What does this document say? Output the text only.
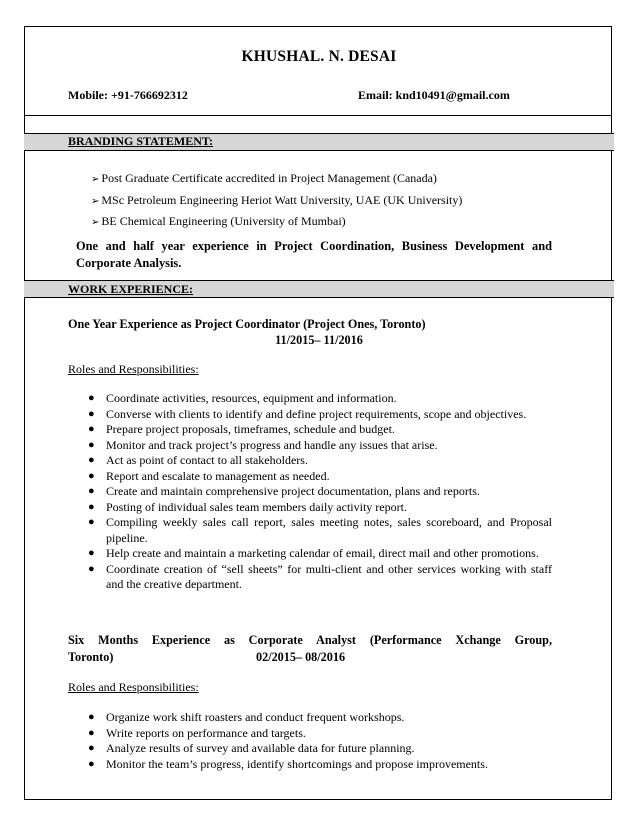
KHUSHAL. N. DESAI
Mobile: +91-766692312	Email: knd10491@gmail.com
BRANDING STATEMENT:
➢ Post Graduate Certificate accredited in Project Management (Canada)
➢ MSc Petroleum Engineering Heriot Watt University, UAE (UK University)
➢ BE Chemical Engineering (University of Mumbai)
One and half year experience in Project Coordination, Business Development and Corporate Analysis.
WORK EXPERIENCE:
One Year Experience as Project Coordinator (Project Ones, Toronto)
11/2015– 11/2016
Roles and Responsibilities:
● Coordinate activities, resources, equipment and information.
● Converse with clients to identify and define project requirements, scope and objectives.
● Prepare project proposals, timeframes, schedule and budget.
● Monitor and track project’s progress and handle any issues that arise.
● Act as point of contact to all stakeholders.
● Report and escalate to management as needed.
● Create and maintain comprehensive project documentation, plans and reports.
● Posting of individual sales team members daily activity report.
● Compiling weekly sales call report, sales meeting notes, sales scoreboard, and Proposal pipeline.
● Help create and maintain a marketing calendar of email, direct mail and other promotions.
● Coordinate creation of “sell sheets” for multi-client and other services working with staff and the creative department.
Six Months Experience as Corporate Analyst (Performance Xchange Group,
Toronto)	02/2015– 08/2016
Roles and Responsibilities:
● Organize work shift roasters and conduct frequent workshops.
● Write reports on performance and targets.
● Analyze results of survey and available data for future planning.
● Monitor the team’s progress, identify shortcomings and propose improvements.
